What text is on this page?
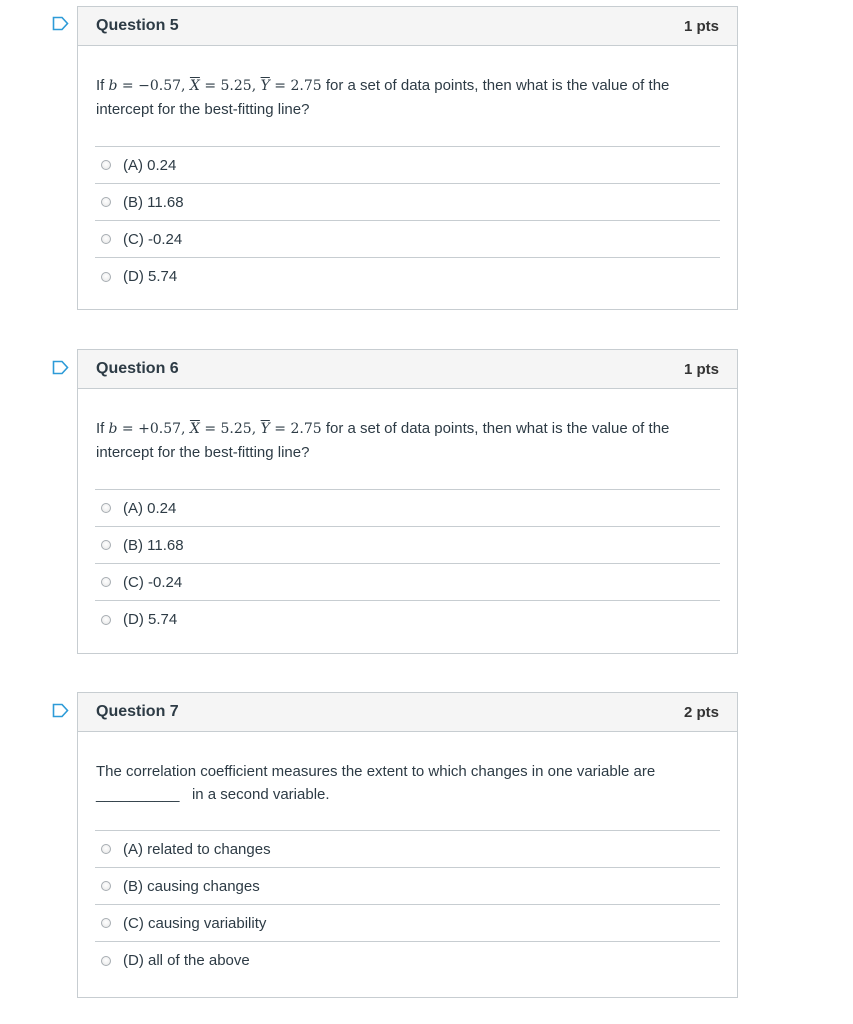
Question 5	1 pts
If b = −0.57, $\overline{X} = 5.25$, $\overline{Y} = 2.75$ for a set of data points, then what is the value of the intercept for the best-fitting line?
(A) 0.24
(B) 11.68
(C) -0.24
(D) 5.74
Question 6	1 pts
If b = +0.57, $\overline{X} = 5.25$, $\overline{Y} = 2.75$ for a set of data points, then what is the value of the intercept for the best-fitting line?
(A) 0.24
(B) 11.68
(C) -0.24
(D) 5.74
Question 7	2 pts
The correlation coefficient measures the extent to which changes in one variable are
__________ in a second variable.
(A) related to changes
(B) causing changes
(C) causing variability
(D) all of the above
